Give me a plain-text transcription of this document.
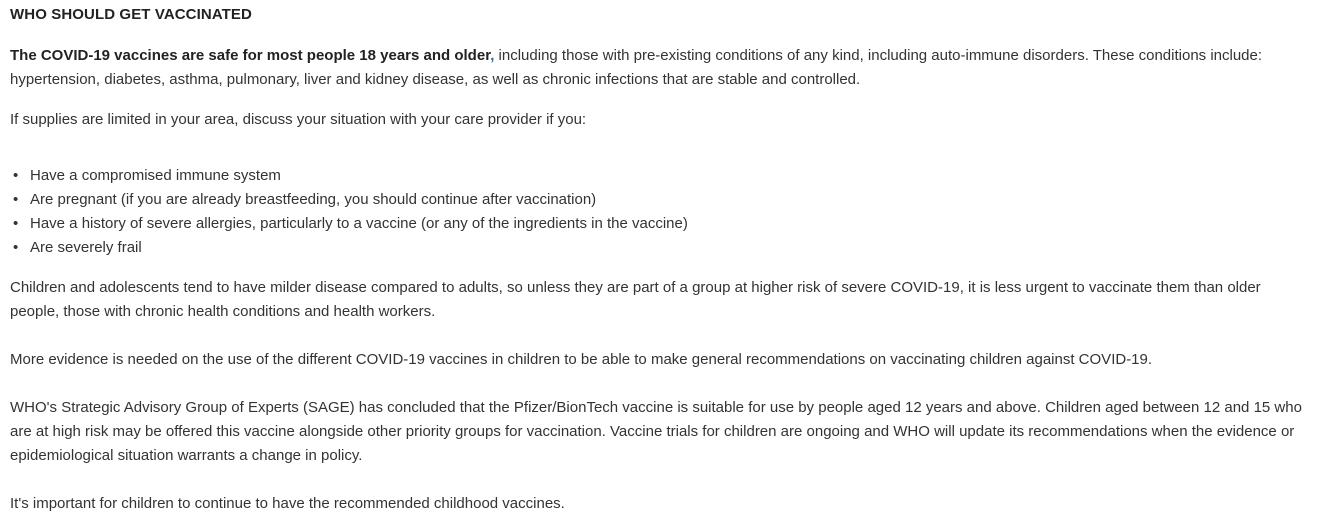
WHO SHOULD GET VACCINATED

The COVID-19 vaccines are safe for most people 18 years and older, including those with pre-existing conditions of any kind, including auto-immune disorders. These conditions include: hypertension, diabetes, asthma, pulmonary, liver and kidney disease, as well as chronic infections that are stable and controlled.

If supplies are limited in your area, discuss your situation with your care provider if you:

• Have a compromised immune system
• Are pregnant (if you are already breastfeeding, you should continue after vaccination)
• Have a history of severe allergies, particularly to a vaccine (or any of the ingredients in the vaccine)
• Are severely frail

Children and adolescents tend to have milder disease compared to adults, so unless they are part of a group at higher risk of severe COVID-19, it is less urgent to vaccinate them than older people, those with chronic health conditions and health workers.

More evidence is needed on the use of the different COVID-19 vaccines in children to be able to make general recommendations on vaccinating children against COVID-19.

WHO's Strategic Advisory Group of Experts (SAGE) has concluded that the Pfizer/BionTech vaccine is suitable for use by people aged 12 years and above. Children aged between 12 and 15 who are at high risk may be offered this vaccine alongside other priority groups for vaccination. Vaccine trials for children are ongoing and WHO will update its recommendations when the evidence or epidemiological situation warrants a change in policy.

It's important for children to continue to have the recommended childhood vaccines.
